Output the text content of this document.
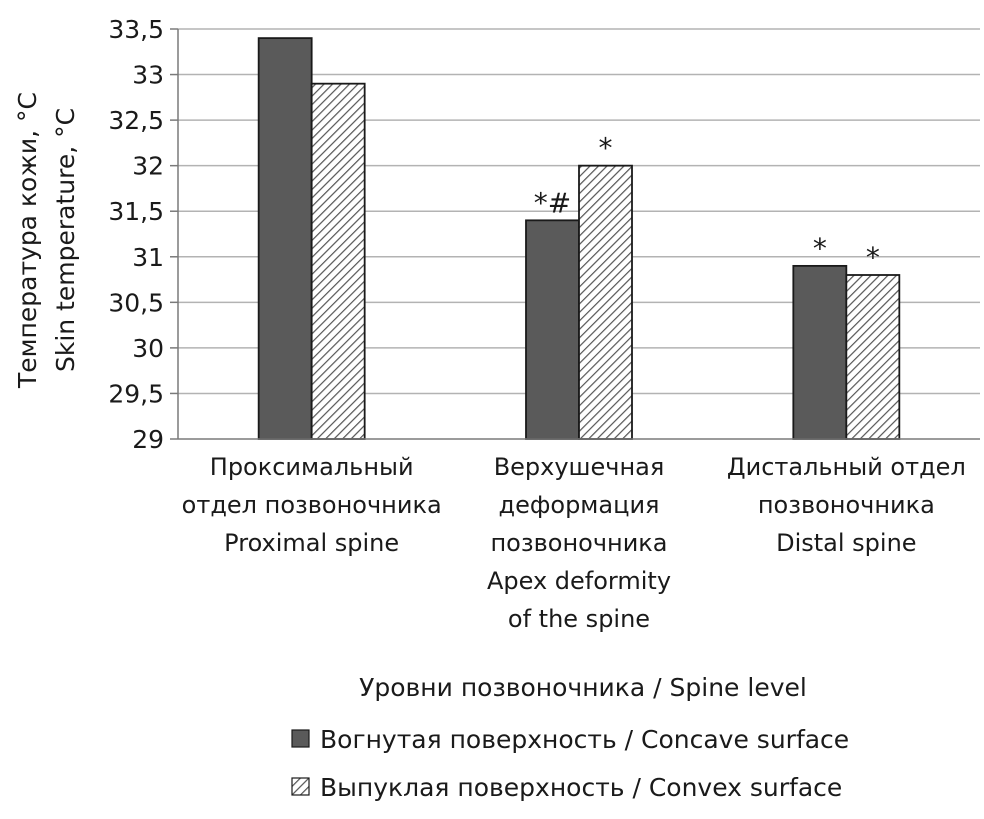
29
29,5
30
30,5
31
31,5
32
32,5
33
33,5
*#
*
* *
Проксимальный
отдел позвоночника
Proximal spine
Верхушечная
деформация
позвоночника
Apex deformity
of the spine
Дистальный отдел
позвоночника
Distal spine
Температура кожи, °С Skin temperature, °С
Уровни позвоночника / Spine level
Вогнутая поверхность / Concave surface
Выпуклая поверхность / Convex surface
